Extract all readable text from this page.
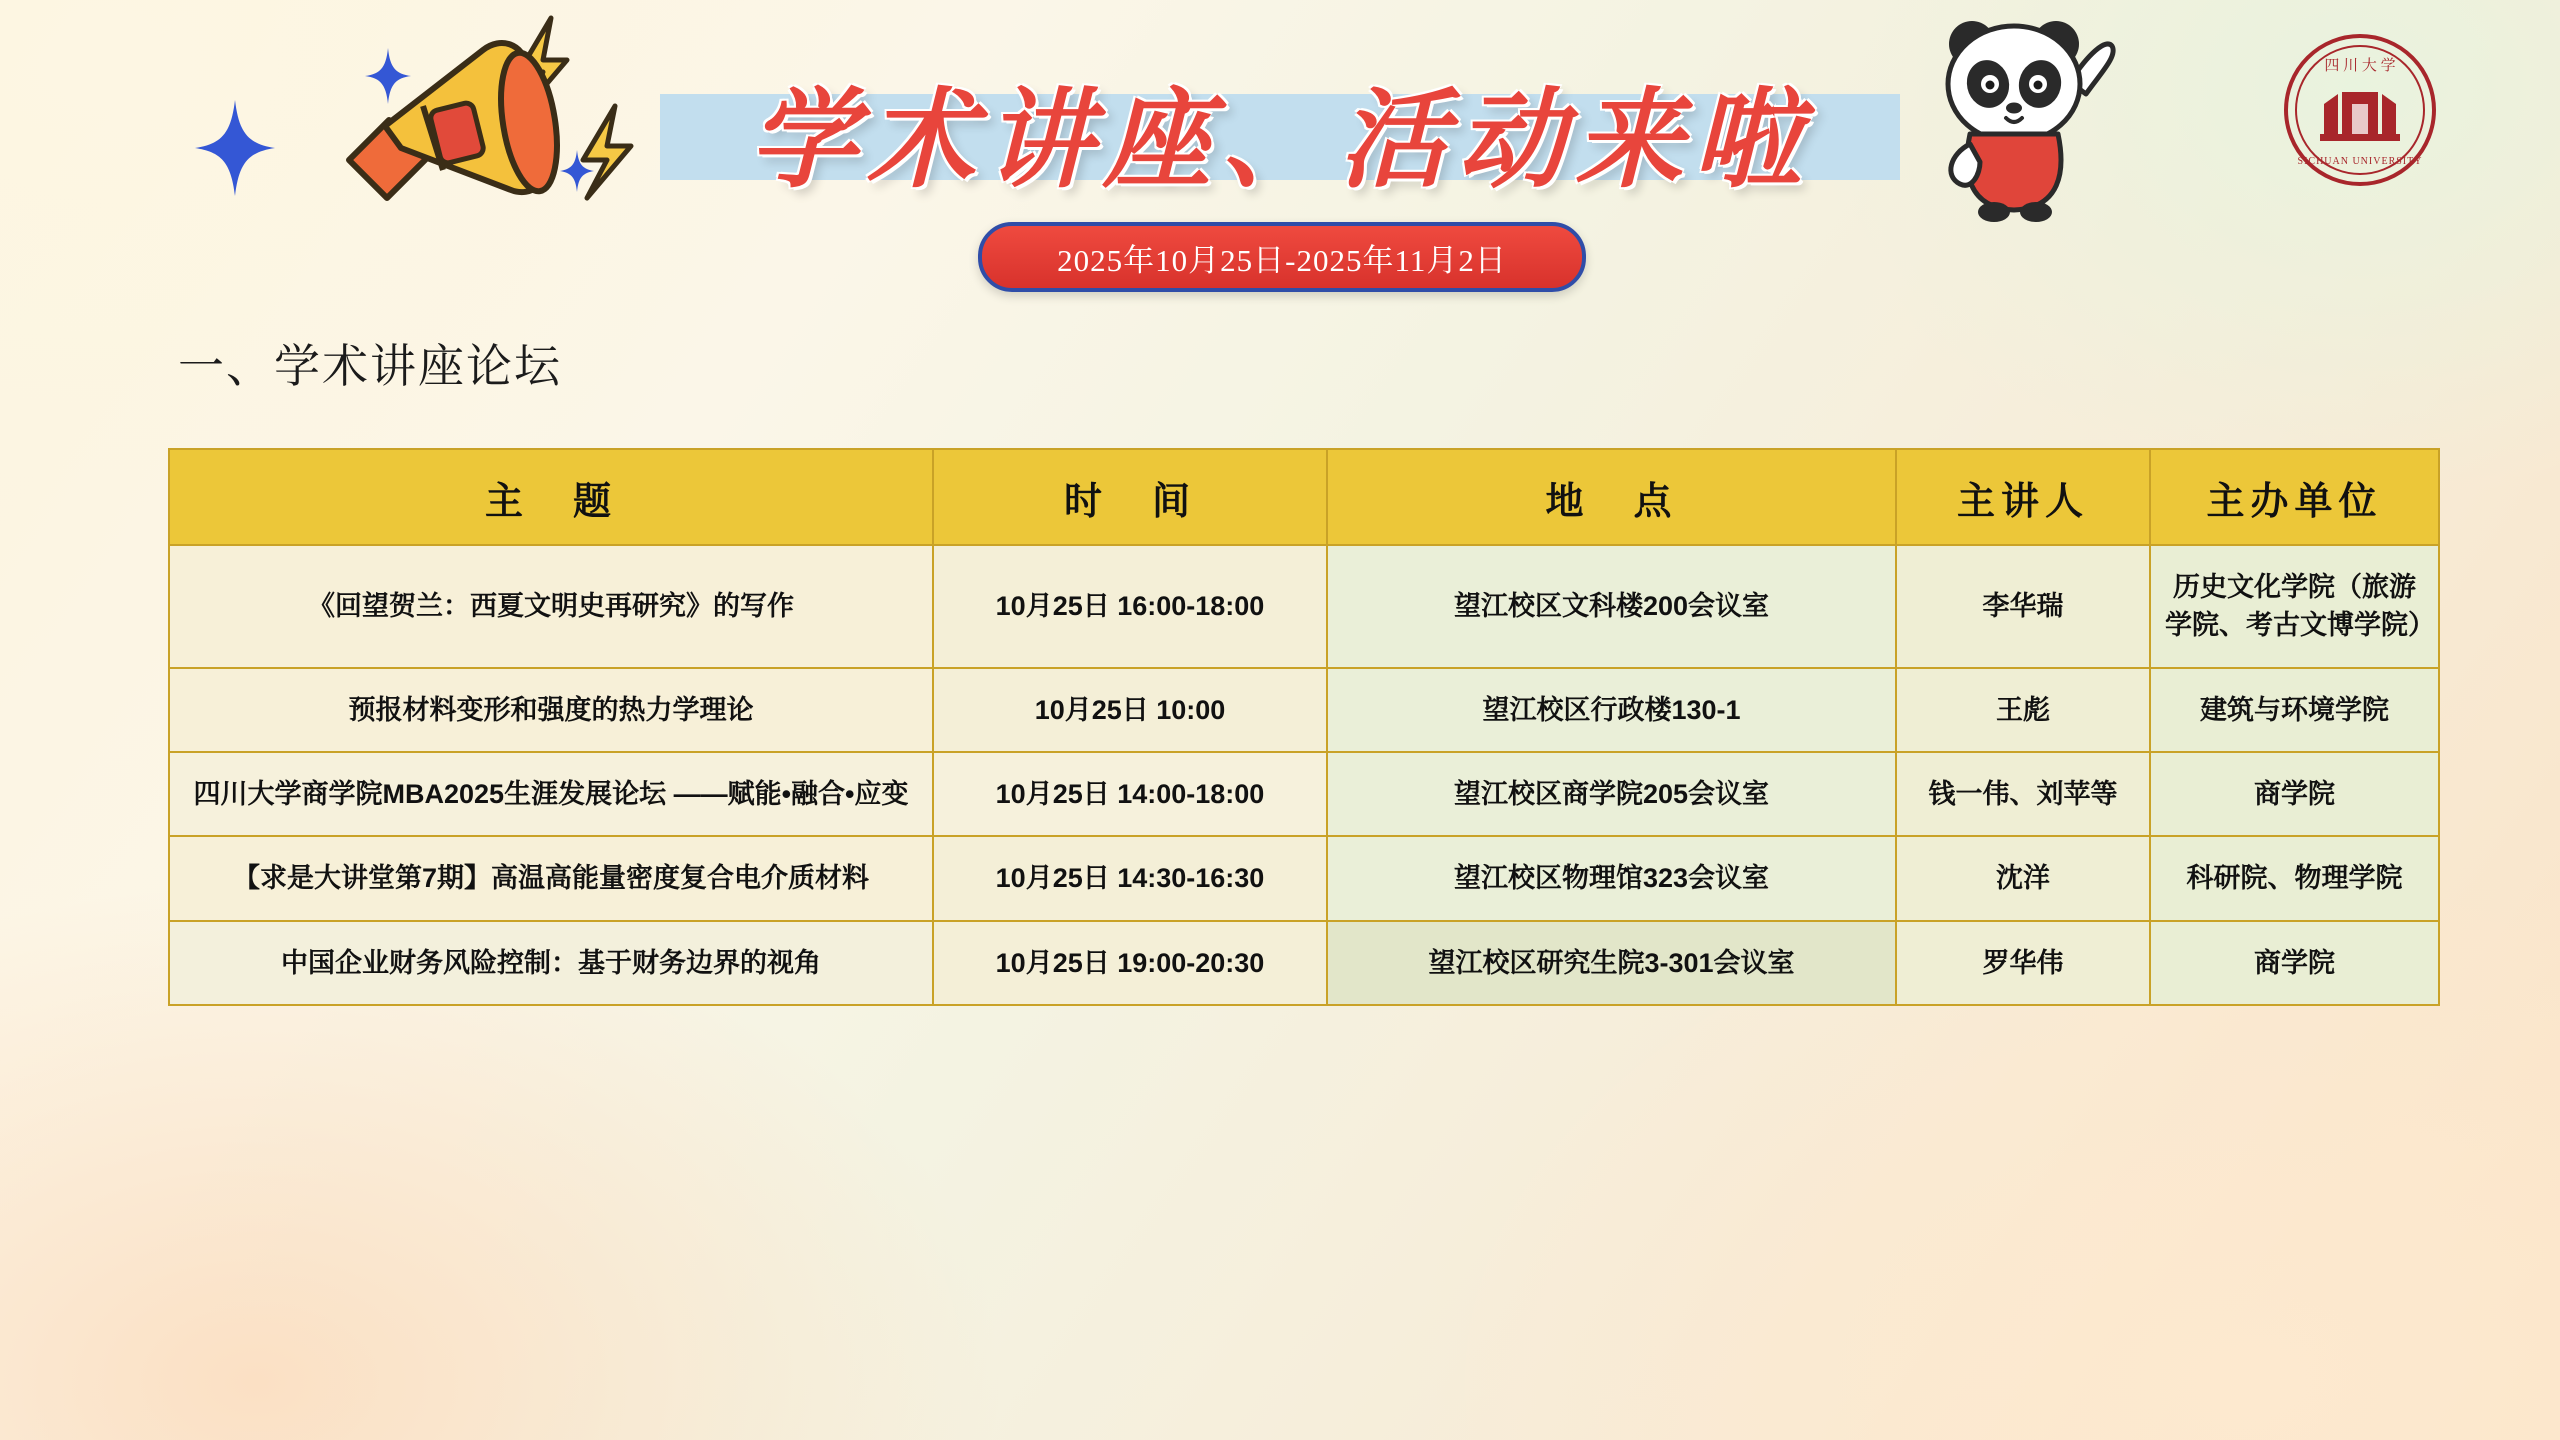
学术讲座、活动来啦
2025年10月25日-2025年11月2日
四 川 大 学
SICHUAN UNIVERSITY
一、学术讲座论坛
主　题	时　间	地　点	主讲人	主办单位
《回望贺兰：西夏文明史再研究》的写作	10月25日 16:00-18:00	望江校区文科楼200会议室	李华瑞	历史文化学院（旅游学院、考古文博学院）
预报材料变形和强度的热力学理论	10月25日 10:00	望江校区行政楼130-1	王彪	建筑与环境学院
四川大学商学院MBA2025生涯发展论坛 ——赋能•融合•应变	10月25日 14:00-18:00	望江校区商学院205会议室	钱一伟、刘苹等	商学院
【求是大讲堂第7期】高温高能量密度复合电介质材料	10月25日 14:30-16:30	望江校区物理馆323会议室	沈洋	科研院、物理学院
中国企业财务风险控制：基于财务边界的视角	10月25日 19:00-20:30	望江校区研究生院3-301会议室	罗华伟	商学院
